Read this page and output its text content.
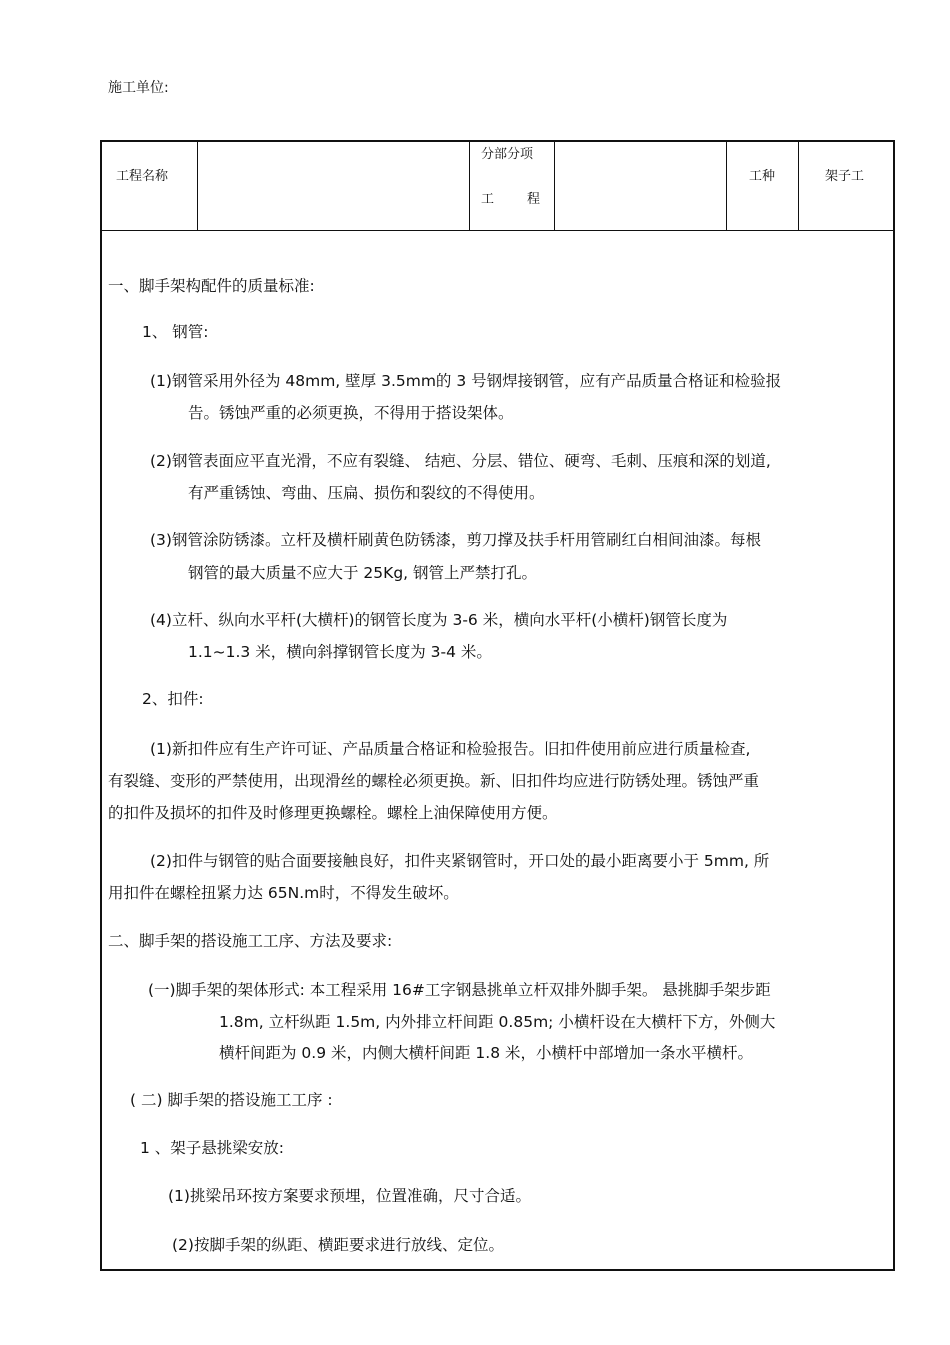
施工单位:
工程名称
分部分项
工	程
工种	架子工
一、脚手架构配件的质量标准:
1、 钢管:
(1)钢管采用外径为 48mm, 壁厚 3.5mm的 3 号钢焊接钢管，应有产品质量合格证和检验报
告。锈蚀严重的必须更换，不得用于搭设架体。
(2)钢管表面应平直光滑，不应有裂缝、 结疤、分层、错位、硬弯、毛刺、压痕和深的划道,
有严重锈蚀、弯曲、压扁、损伤和裂纹的不得使用。
(3)钢管涂防锈漆。立杆及横杆刷黄色防锈漆，剪刀撑及扶手杆用管刷红白相间油漆。每根
钢管的最大质量不应大于 25Kg, 钢管上严禁打孔。
(4)立杆、纵向水平杆(大横杆)的钢管长度为 3-6 米，横向水平杆(小横杆)钢管长度为
1.1~1.3 米，横向斜撑钢管长度为 3-4 米。
2、扣件:
(1)新扣件应有生产许可证、产品质量合格证和检验报告。旧扣件使用前应进行质量检查,
有裂缝、变形的严禁使用，出现滑丝的螺栓必须更换。新、旧扣件均应进行防锈处理。锈蚀严重
的扣件及损坏的扣件及时修理更换螺栓。螺栓上油保障使用方便。
(2)扣件与钢管的贴合面要接触良好，扣件夹紧钢管时，开口处的最小距离要小于 5mm, 所
用扣件在螺栓扭紧力达 65N.m时，不得发生破坏。
二、脚手架的搭设施工工序、方法及要求:
(一)脚手架的架体形式: 本工程采用 16#工字钢悬挑单立杆双排外脚手架。 悬挑脚手架步距
1.8m, 立杆纵距 1.5m, 内外排立杆间距 0.85m; 小横杆设在大横杆下方，外侧大
横杆间距为 0.9 米，内侧大横杆间距 1.8 米，小横杆中部增加一条水平横杆。
( 二) 脚手架的搭设施工工序 :
1 、架子悬挑梁安放:
(1)挑梁吊环按方案要求预埋，位置准确，尺寸合适。
(2)按脚手架的纵距、横距要求进行放线、定位。
